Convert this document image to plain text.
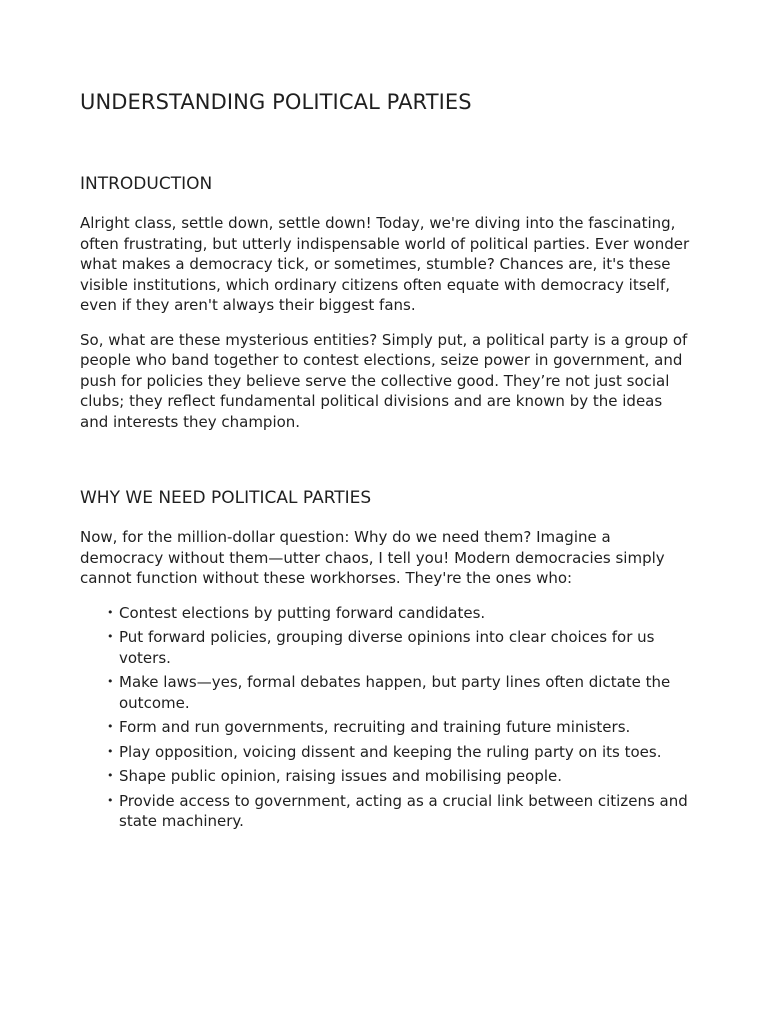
UNDERSTANDING POLITICAL PARTIES
INTRODUCTION

Alright class, settle down, settle down! Today, we're diving into the fascinating, often frustrating, but utterly indispensable world of political parties. Ever wonder what makes a democracy tick, or sometimes, stumble? Chances are, it's these visible institutions, which ordinary citizens often equate with democracy itself, even if they aren't always their biggest fans.

So, what are these mysterious entities? Simply put, a political party is a group of people who band together to contest elections, seize power in government, and push for policies they believe serve the collective good. They’re not just social clubs; they reflect fundamental political divisions and are known by the ideas and interests they champion.

WHY WE NEED POLITICAL PARTIES

Now, for the million-dollar question: Why do we need them? Imagine a democracy without them—utter chaos, I tell you! Modern democracies simply cannot function without these workhorses. They're the ones who:

• Contest elections by putting forward candidates.
• Put forward policies, grouping diverse opinions into clear choices for us voters.
• Make laws—yes, formal debates happen, but party lines often dictate the outcome.
• Form and run governments, recruiting and training future ministers.
• Play opposition, voicing dissent and keeping the ruling party on its toes.
• Shape public opinion, raising issues and mobilising people.
• Provide access to government, acting as a crucial link between citizens and state machinery.
